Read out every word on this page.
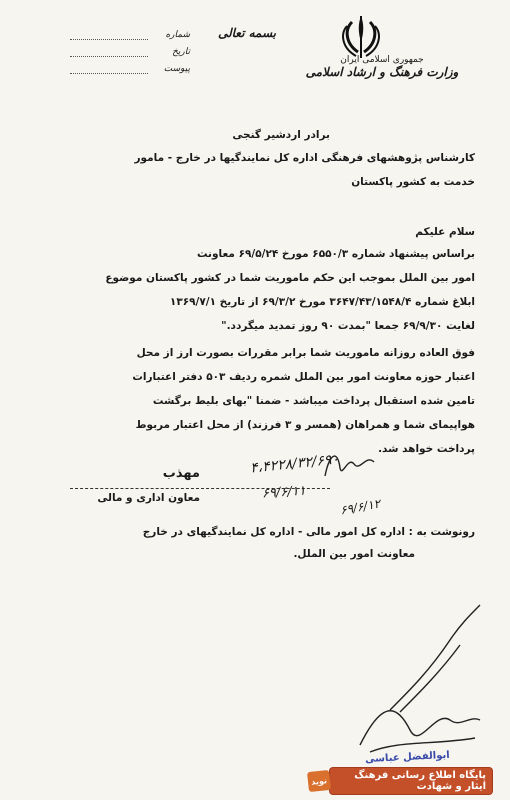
جمهوری اسلامی ایران
وزارت فرهنگ و ارشاد اسلامی
بسمه تعالی
شماره
تاریخ
پیوست
برادر اردشیر گنجی
کارشناس پژوهشهای فرهنگی اداره کل نمایندگیها در خارج - مامور
خدمت به کشور پاکستان
سلام علیکم
براساس پیشنهاد شماره ۶۵۵۰/۳ مورخ ۶۹/۵/۲۴ معاونت
امور بین الملل بموجب این حکم ماموریت شما در کشور پاکستان موضوع
ابلاغ شماره ۳۶۴۷/۴۳/۱۵۴۸/۴ مورخ ۶۹/۳/۲ از تاریخ ۱۳۶۹/۷/۱
لغایت ۶۹/۹/۳۰ جمعا "بمدت ۹۰ روز تمدید میگردد."
فوق العاده روزانه ماموریت شما برابر مقررات بصورت ارز از محل
اعتبار حوزه معاونت امور بین الملل شمره ردیف ۵۰۳ دفتر اعتبارات
تامین شده استقبال پرداخت میباشد - ضمنا "بهای بلیط برگشت
هواپیمای شما و همراهان (همسر و ۳ فرزند) از محل اعتبار مربوط
پرداخت خواهد شد.
مهذب
معاون اداری و مالی
۴،۴۲۲۸/۳۲/۶۹۰
۶۹/۶/۱۱
۶۹/۶/۱۲
رونوشت به : اداره کل امور مالی - اداره کل نمایندگیهای در خارج
معاونت امور بین الملل.
ابوالفضل عباسی
نوید	پایگاه اطلاع رسانی فرهنگ ایثار و شهادت
